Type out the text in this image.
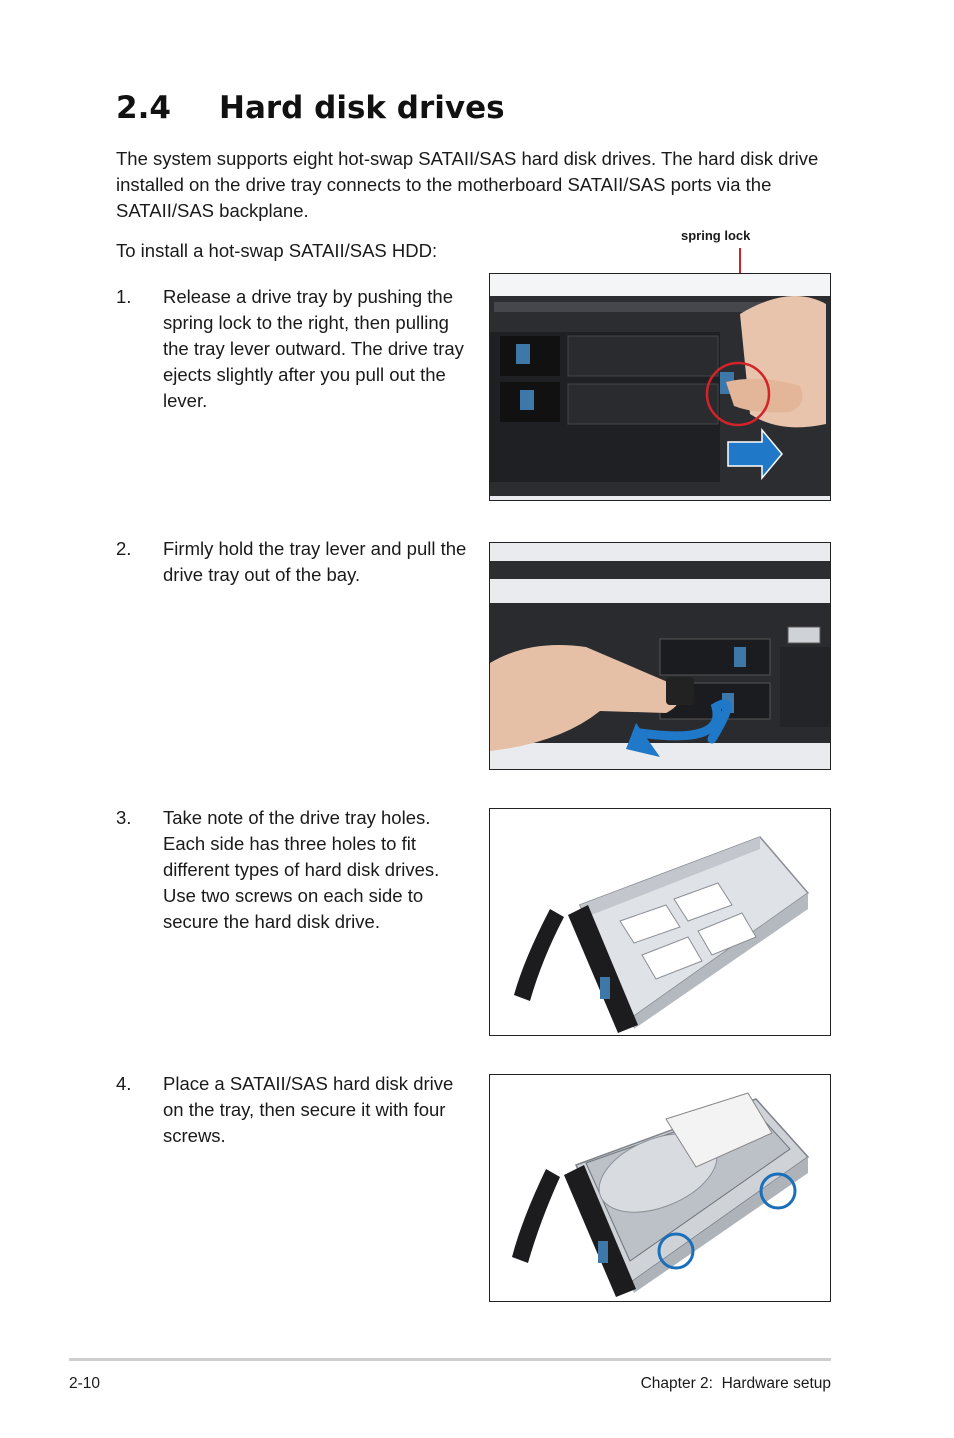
2.4 Hard disk drives

The system supports eight hot-swap SATAII/SAS hard disk drives. The hard disk drive installed on the drive tray connects to the motherboard SATAII/SAS ports via the SATAII/SAS backplane.

To install a hot-swap SATAII/SAS HDD:

1. Release a drive tray by pushing the spring lock to the right, then pulling the tray lever outward. The drive tray ejects slightly after you pull out the lever.
2. Firmly hold the tray lever and pull the drive tray out of the bay.
3. Take note of the drive tray holes. Each side has three holes to fit different types of hard disk drives. Use two screws on each side to secure the hard disk drive.
4. Place a SATAII/SAS hard disk drive on the tray, then secure it with four screws.
spring lock
2-10	Chapter 2:  Hardware setup
